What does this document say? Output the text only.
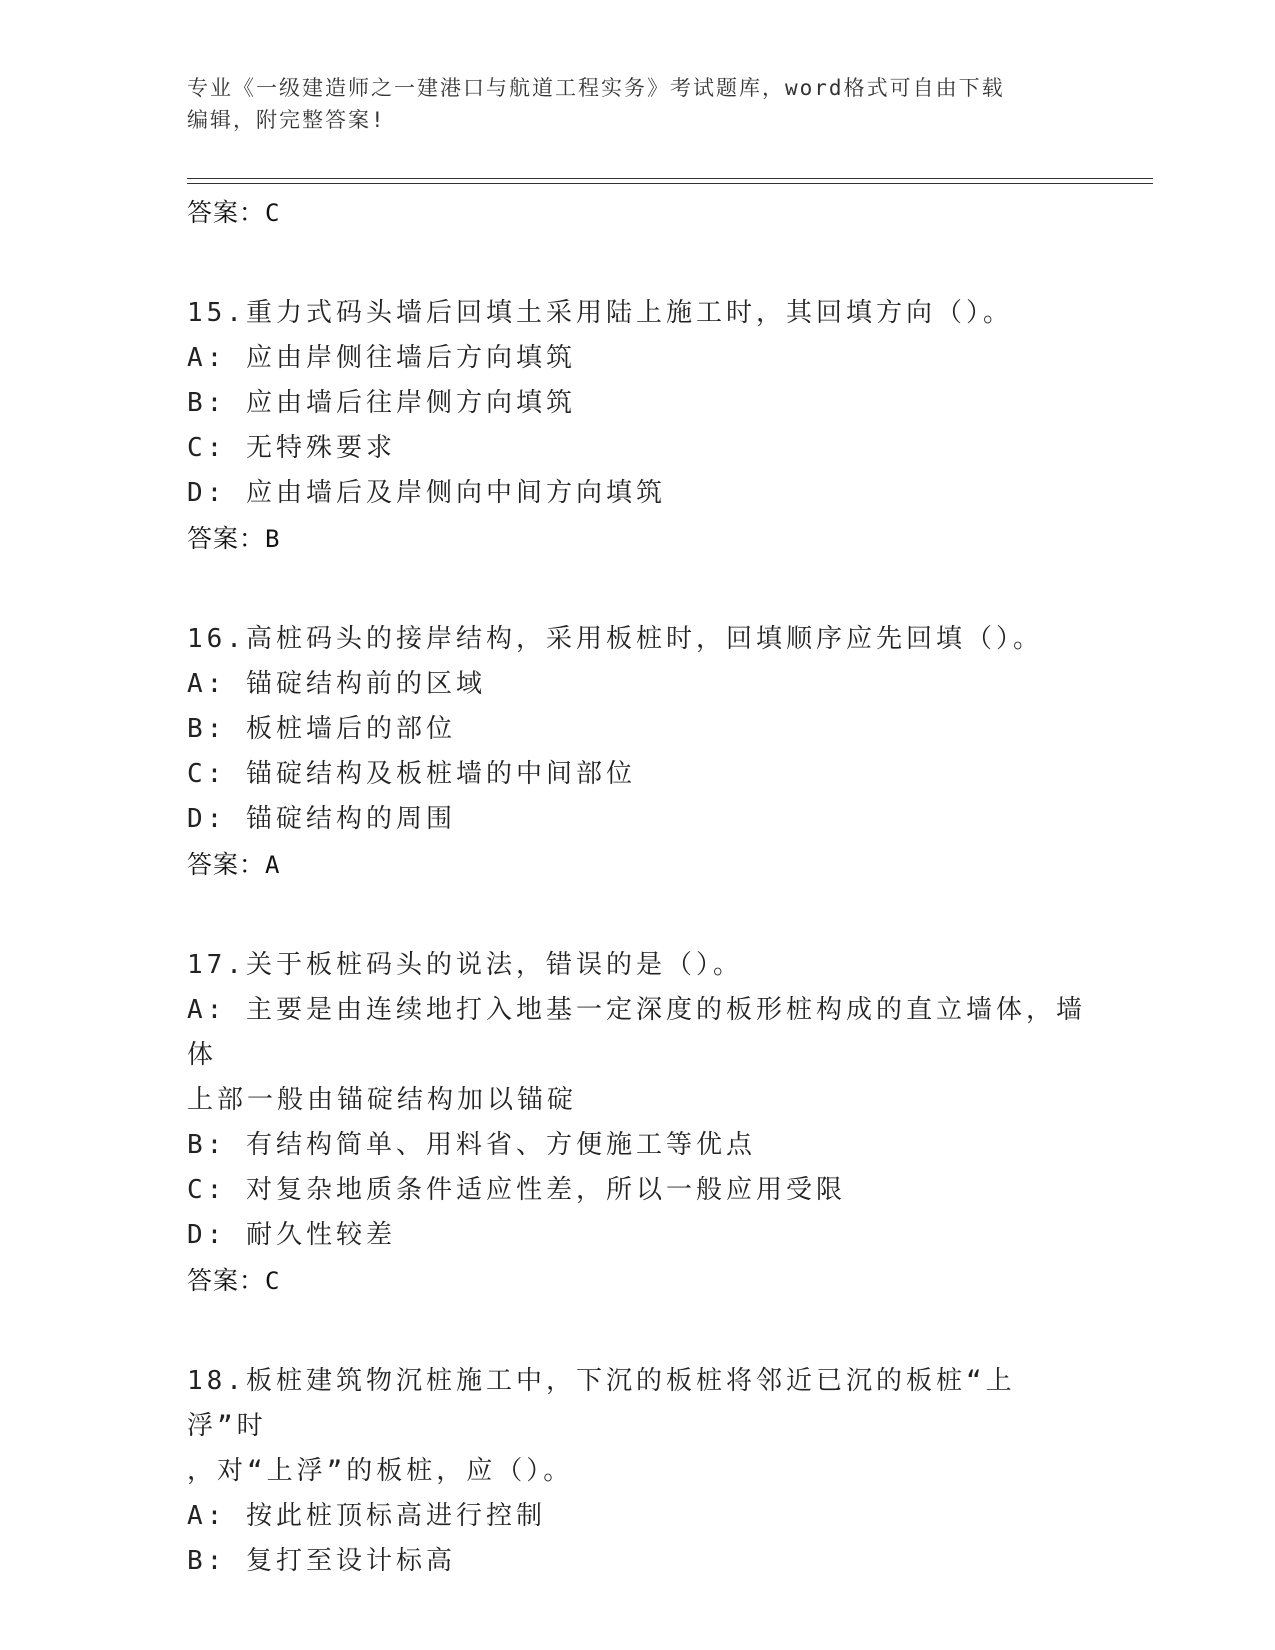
专业《一级建造师之一建港口与航道工程实务》考试题库，word格式可自由下载
编辑，附完整答案!
答案：C
15.重力式码头墙后回填土采用陆上施工时，其回填方向（）。
A: 应由岸侧往墙后方向填筑
B: 应由墙后往岸侧方向填筑
C: 无特殊要求
D: 应由墙后及岸侧向中间方向填筑
答案：B
16.高桩码头的接岸结构，采用板桩时，回填顺序应先回填（）。
A: 锚碇结构前的区域
B: 板桩墙后的部位
C: 锚碇结构及板桩墙的中间部位
D: 锚碇结构的周围
答案：A
17.关于板桩码头的说法，错误的是（）。
A: 主要是由连续地打入地基一定深度的板形桩构成的直立墙体，墙体
上部一般由锚碇结构加以锚碇
B: 有结构简单、用料省、方便施工等优点
C: 对复杂地质条件适应性差，所以一般应用受限
D: 耐久性较差
答案：C
18.板桩建筑物沉桩施工中，下沉的板桩将邻近已沉的板桩“上浮”时
，对“上浮”的板桩，应（）。
A: 按此桩顶标高进行控制
B: 复打至设计标高
